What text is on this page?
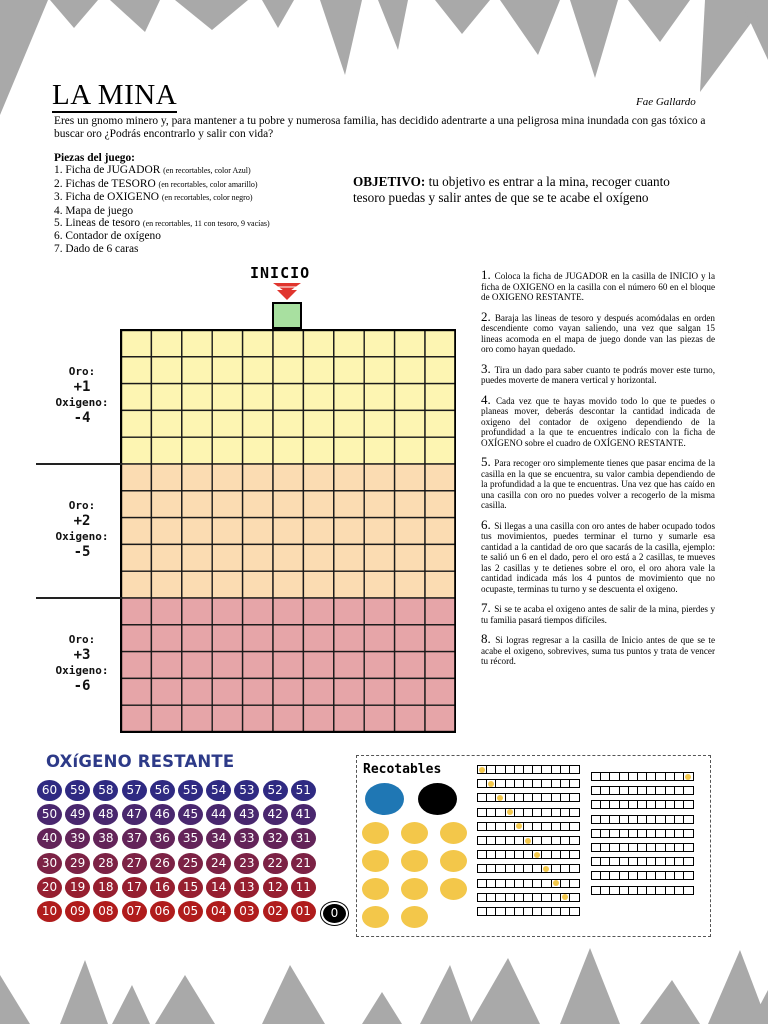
LA MINA	Fae Gallardo
Eres un gnomo minero y, para mantener a tu pobre y numerosa familia, has decidido adentrarte a una peligrosa mina inundada con gas tóxico a buscar oro ¿Podrás encontrarlo y salir con vida?
Piezas del juego:
1. Ficha de JUGADOR (en recortables, color Azul)
2. Fichas de TESORO (en recortables, color amarillo)
3. Ficha de OXIGENO (en recortables, color negro)
4. Mapa de juego
5. Lineas de tesoro (en recortables, 11 con tesoro, 9 vacías)
6. Contador de oxígeno
7. Dado de 6 caras
OBJETIVO: tu objetivo es entrar a la mina, recoger cuanto tesoro puedas y salir antes de que se te acabe el oxígeno
INICIO
Oro:
+1
Oxigeno:
-4
Oro:
+2
Oxigeno:
-5
Oro:
+3
Oxigeno:
-6
1. Coloca la ficha de JUGADOR en la casilla de INICIO y la ficha de OXIGENO en la casilla con el número 60 en el bloque de OXIGENO RESTANTE.
2. Baraja las lineas de tesoro y después acomódalas en orden descendiente como vayan saliendo, una vez que salgan 15 lineas acomoda en el mapa de juego donde van las piezas de oro como hayan quedado.
3. Tira un dado para saber cuanto te podrás mover este turno, puedes moverte de manera vertical y horizontal.
4. Cada vez que te hayas movido todo lo que te puedes o planeas mover, deberás descontar la cantidad indicada de oxigeno del contador de oxigeno dependiendo de la profundidad a la que te encuentres indícalo con la ficha de OXÍGENO sobre el cuadro de OXÍGENO RESTANTE.
5. Para recoger oro simplemente tienes que pasar encima de la casilla en la que se encuentra, su valor cambia dependiendo de la profundidad a la que te encuentras. Una vez que has caído en una casilla con oro no puedes volver a recogerlo de la misma casilla.
6. Si llegas a una casilla con oro antes de haber ocupado todos tus movimientos, puedes terminar el turno y sumarle esa cantidad a la cantidad de oro que sacarás de la casilla, ejemplo: te salió un 6 en el dado, pero el oro está a 2 casillas, te mueves las 2 casillas y te detienes sobre el oro, el oro ahora vale la cantidad indicada más los 4 puntos de movimiento que no ocupaste, terminas tu turno y se descuenta el oxigeno.
7. Si se te acaba el oxigeno antes de salir de la mina, pierdes y tu familia pasará tiempos difíciles.
8. Si logras regresar a la casilla de Inicio antes de que se te acabe el oxigeno, sobrevives, suma tus puntos y trata de vencer tu récord.
OXíGENO RESTANTE
60	59	58	57	56	55	54	53	52	51
50	49	48	47	46	45	44	43	42	41
40	39	38	37	36	35	34	33	32	31
30	29	28	27	26	25	24	23	22	21
20	19	18	17	16	15	14	13	12	11
10	09	08	07	06	05	04	03	02	01	0
Recotables
